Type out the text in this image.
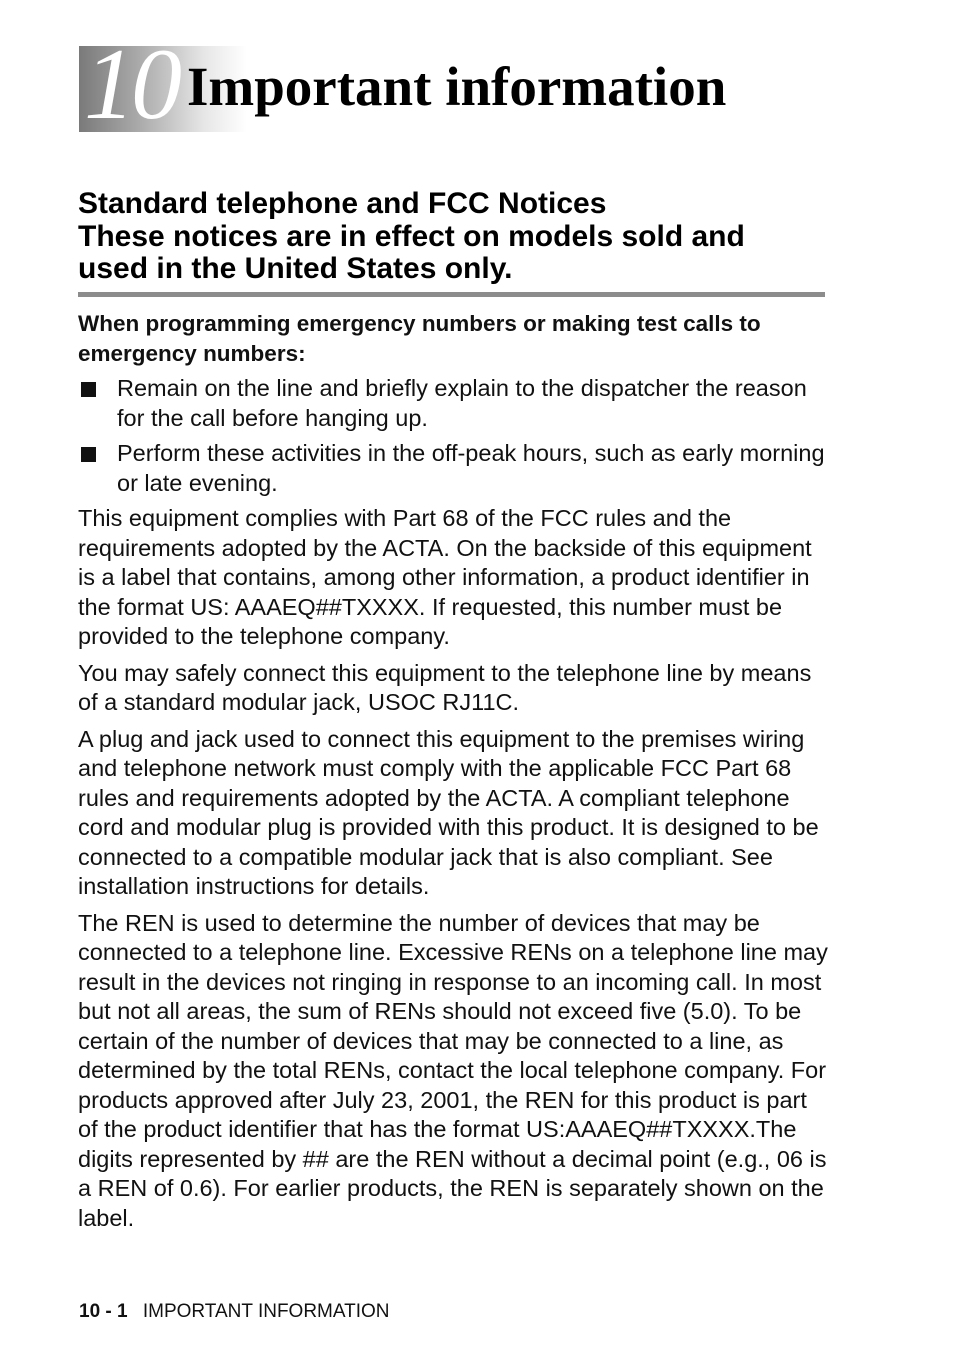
10 Important information
Standard telephone and FCC Notices
These notices are in effect on models sold and
used in the United States only.

When programming emergency numbers or making test calls to emergency numbers:

Remain on the line and briefly explain to the dispatcher the reason for the call before hanging up.
Perform these activities in the off-peak hours, such as early morning or late evening.

This equipment complies with Part 68 of the FCC rules and the requirements adopted by the ACTA. On the backside of this equipment is a label that contains, among other information, a product identifier in the format US: AAAEQ##TXXXX. If requested, this number must be provided to the telephone company.

You may safely connect this equipment to the telephone line by means of a standard modular jack, USOC RJ11C.

A plug and jack used to connect this equipment to the premises wiring and telephone network must comply with the applicable FCC Part 68 rules and requirements adopted by the ACTA. A compliant telephone cord and modular plug is provided with this product. It is designed to be connected to a compatible modular jack that is also compliant. See installation instructions for details.

The REN is used to determine the number of devices that may be connected to a telephone line. Excessive RENs on a telephone line may result in the devices not ringing in response to an incoming call. In most but not all areas, the sum of RENs should not exceed five (5.0). To be certain of the number of devices that may be connected to a line, as determined by the total RENs, contact the local telephone company. For products approved after July 23, 2001, the REN for this product is part of the product identifier that has the format US:AAAEQ##TXXXX.The digits represented by ## are the REN without a decimal point (e.g., 06 is a REN of 0.6). For earlier products, the REN is separately shown on the label.

10 - 1 IMPORTANT INFORMATION
